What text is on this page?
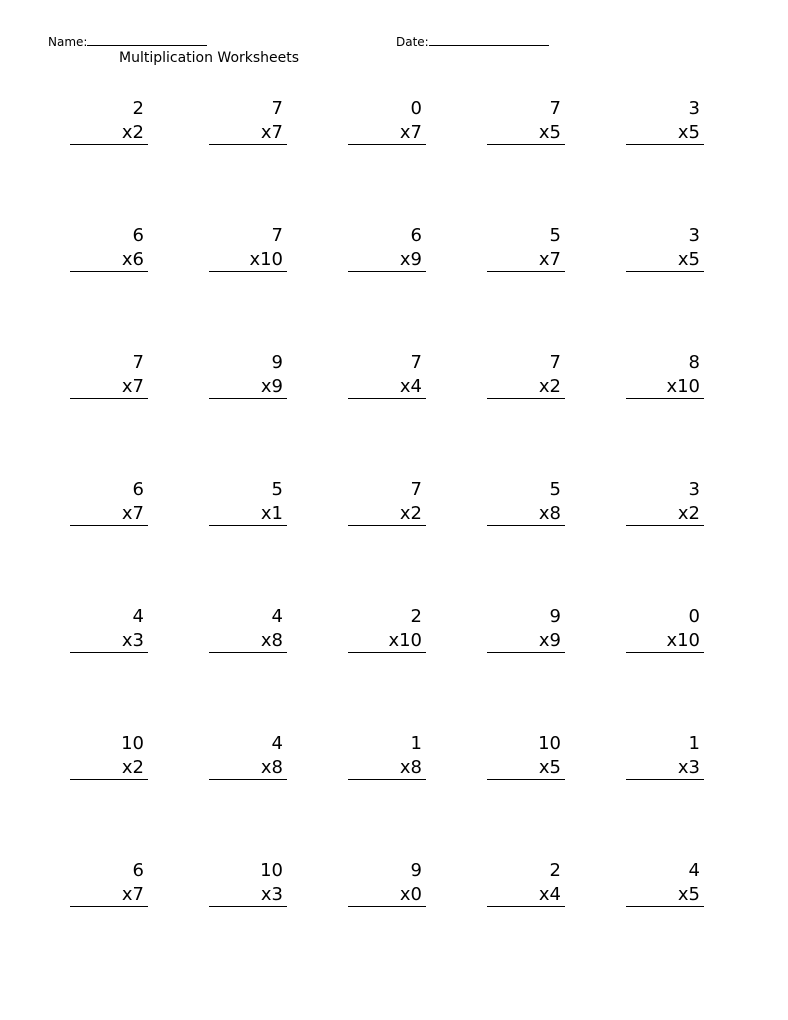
Name:	Date:
Multiplication Worksheets
2
x2
7
x7
0
x7
7
x5
3
x5
6
x6
7
x10
6
x9
5
x7
3
x5
7
x7
9
x9
7
x4
7
x2
8
x10
6
x7
5
x1
7
x2
5
x8
3
x2
4
x3
4
x8
2
x10
9
x9
0
x10
10
x2
4
x8
1
x8
10
x5
1
x3
6
x7
10
x3
9
x0
2
x4
4
x5
